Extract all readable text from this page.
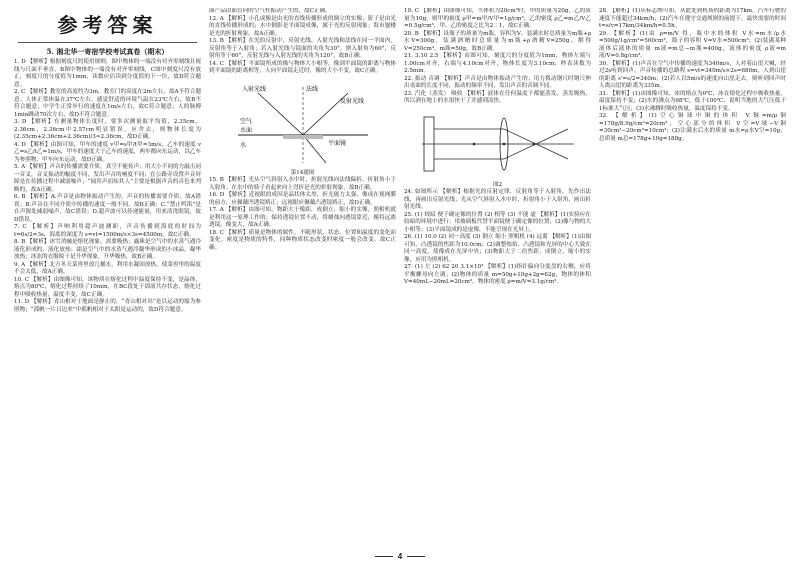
参考答案
5. 湘北华一寄宿学校考试真卷（期末）

1. D 【解析】根据刻度尺的使用规则，图中物体的一端没有对齐零刻线且视线与尺面不垂直，B图中物体的一端没有对齐零刻线，C图中刻度尺没有放正，刻度尺的分度值为1mm，读数应估读到分度值的下一位，故D符合题意。

2. C 【解析】教室的高度约为3m，教室门的高度在2m左右，故A不符合题意；人体正常体温在37℃左右，感觉舒适的环境气温在23℃左右，故B不符合题意；中学生正常步行的速度在1m/s左右，故C符合题意；人的脉搏1min跳动70次左右，故D不符合题意。

3. D 【解析】在测量物体长度时，要多次测量取平均值，2.35cm、2.36cm、2.36cm中2.57cm明显错误，应舍去，则物体长度为(2.35cm+2.36cm+2.36cm)/3≈2.36cm，故D正确。

4. D 【解析】由图可知，甲车的速度 v甲=s甲/t甲=3m/s，乙车的速度 v乙=s乙/t乙=1m/s，甲车的速度大于乙车的速度，两车都向东运动，以乙车为参照物，甲车向东运动，故D正确。

5. A 【解析】声音的传播需要介质，真空不能传声；用大小不同的力敲击同一音叉，音叉振动的幅度不同，发出声音的响度不同；在公路旁设置声音屏障是在传播过程中减弱噪声；“闻其声而知其人”主要是根据声音的音色来判断的，故A正确。

6. B 【解析】A.声音是由物体振动产生的，声音的传播需要介质，故A错误；B.声音在不同介质中传播的速度一般不同，故B正确；C.“禁止鸣笛”是在声源处减弱噪声，故C错误；D.超声波可以传递能量，用来清洗眼镜，故D错误。

7. C 【解析】声呐利用超声波测距，声音传播到海底的时间为 t=6s/2=3s，海底的深度为 s=vt=1500m/s×3s=4500m，故C正确。

8. B 【解析】冰雪消融是熔化现象，需要吸热；露珠是空气中的水蒸气遇冷液化形成的，液化放热；霜是空气中的水蒸气遇冷凝华形成的小冰晶，凝华放热；冰冻的衣服晾干是升华现象，升华吸热，故B正确。

9. A 【解析】北方冬天菜窖里放几桶水，利用水凝固放热，使菜窖里的温度不会太低，故A正确。

10. C 【解析】由图像可知，该物质在熔化过程中温度保持不变，是晶体，熔点为80℃，熔化过程持续了10min，在BC段处于固液共存状态，熔化过程中吸收热量，温度不变，故C正确。

11. D 【解析】青山相对于地面是静止的，“青山相对出”是以运动的船为参照物；“孤帆一片日边来”中孤帆相对于太阳是运动的，故D符合题意。

面产品由面管向的空气柱振动产生的，故C正确。

12. A 【解析】小孔成像是由光的直线传播形成的倒立的实像；影子是由光的直线传播形成的；水中倒影是平面镜成像，属于光的反射现象；海市蜃楼是光的折射现象，故A正确。

13. B 【解析】在光的反射中，反射光线、入射光线和法线在同一平面内，反射角等于入射角；若入射光线与镜面的夹角为30°，则入射角为60°，反射角等于60°，反射光线与入射光线的夹角为120°，故B正确。

14. C 【解析】平面镜所成的像与物体大小相等，像到平面镜的距离与物体到平面镜的距离相等，人向平面镜走近时，像的大小不变，故C正确。

入射光线	法线
反射光线
平面镜
水面
空气
水
第14题图

15. B 【解析】光从空气斜射入水中时，折射光线向法线偏折，折射角小于入射角；在水中的筷子看起来向上弯折是光的折射现象，故B正确。

16. D 【解析】近视眼的成因是晶状体太厚，折光能力太强，像成在视网膜的前方，应佩戴凹透镜矫正；远视眼应佩戴凸透镜矫正，故D正确。

17. A 【解析】由图可知，物距大于像距，成倒立、缩小的实像，照相机就是利用这一原理工作的；保持透镜位置不动，将蜡烛向透镜靠近，像将远离透镜，像变大，故A正确。

18. C 【解析】质量是物体的属性，不随形状、状态、位置和温度的变化而变化；密度是物质的特性，同种物质状态改变时密度一般会改变，故C正确。

19. C 【解析】由图像可知，当体积为20cm³时，甲的质量为20g，乙的质量为10g，则甲的密度 ρ甲=m甲/V甲=1g/cm³，乙的密度 ρ乙=m乙/V乙=0.5g/cm³，甲、乙的密度之比为2∶1，故C正确。

20. B 【解析】设瓶子的质量为m瓶，容积为V，装满水时总质量为m瓶+ρ水V=300g，装满酒精时总质量为m瓶+ρ酒精V=250g，解得V=250cm³，m瓶=50g，故B正确。

21. 3.10 2.5 【解析】由图可知，刻度尺的分度值为1mm，物体左端与1.00cm对齐，右端与4.10cm对齐，物体长度为3.10cm；秒表读数为2.5min。

22. 振动 音调 【解析】声音是由物体振动产生的；用力拨动钢尺时钢尺伸出桌面的长度不同，振动的频率不同，发出声音的音调不同。

23. 汽化（蒸发） 吸收 【解析】液体在任何温度下都能蒸发，蒸发吸热，所以洒在地上的水很快干了并感到凉快。

图2

24. 如图所示 【解析】根据光的反射定律，反射角等于入射角，先作出法线，再画出反射光线；光从空气斜射入水中时，折射角小于入射角，画出折射光线。

25. (1) 较暗 便于确定像的位置 (2) 相等 (3) 不能 虚 【解析】(1)实验应在较暗的环境中进行；用玻璃板代替平面镜便于确定像的位置；(2)像与物的大小相等；(3)平面镜成的是虚像，不能呈现在光屏上。

26. (1) 10.0 (2) 同一高度 (3) 倒立 缩小 照相机 (4) 远离 【解析】(1)由图可知，凸透镜的焦距为10.0cm；(2)调整烛焰、凸透镜和光屏的中心大致在同一高度，使像成在光屏中央；(3)物距大于二倍焦距，成倒立、缩小的实像，应用为照相机。

27. (1) 左 (2) 62 20 3.1×10³ 【解析】(1)指针偏向分度盘的右侧，应将平衡螺母向左调；(2)物体的质量 m=50g+10g+2g=62g，物体的体积 V=40mL−20mL=20cm³，物体的密度 ρ=m/V=3.1g/cm³。

28. 【解析】(1)从标志牌可知，从此处到机场的距离为17km，汽车行驶的速度不能超过34km/h；(2)汽车在遵守交通规则的前提下，最快需要的时间 t=s/v=17km/34km/h=0.5h。

29. 【解析】(1)由 ρ=m/V 得，瓶中水的体积 V水=m水/ρ水=500g/1g/cm³=500cm³，瓶子的容积 V=V水=500cm³；(2)装满某种液体后液体的质量 m液=m总−m瓶=400g，液体的密度 ρ液=m液/V=0.8g/cm³。

30. 【解析】(1)声音在空气中传播的速度为340m/s，人对着山崖大喊，经过2s听到回声，声音传播的总路程 s=vt=340m/s×2s=680m，人到山崖的距离 s'=s/2=340m；(2)若人以5m/s的速度向山崖走去，则听到回声时人离山崖的距离为335m。

31. 【解析】(1)由图像可知，冰的熔点为0℃，冰在熔化过程中吸收热量，温度保持不变；(2)水的沸点为98℃，低于100℃，说明当地的大气压低于1标准大气压；(3)水沸腾时吸收热量，温度保持不变。

32. 【解析】(1)空心铜球中铜的体积 V铜=m/ρ铜=178g/8.9g/cm³=20cm³，空心部分的体积 V空=V球−V铜=30cm³−20cm³=10cm³；(2)注满水后水的质量 m水=ρ水V空=10g，总质量 m总=178g+10g=188g。

4
